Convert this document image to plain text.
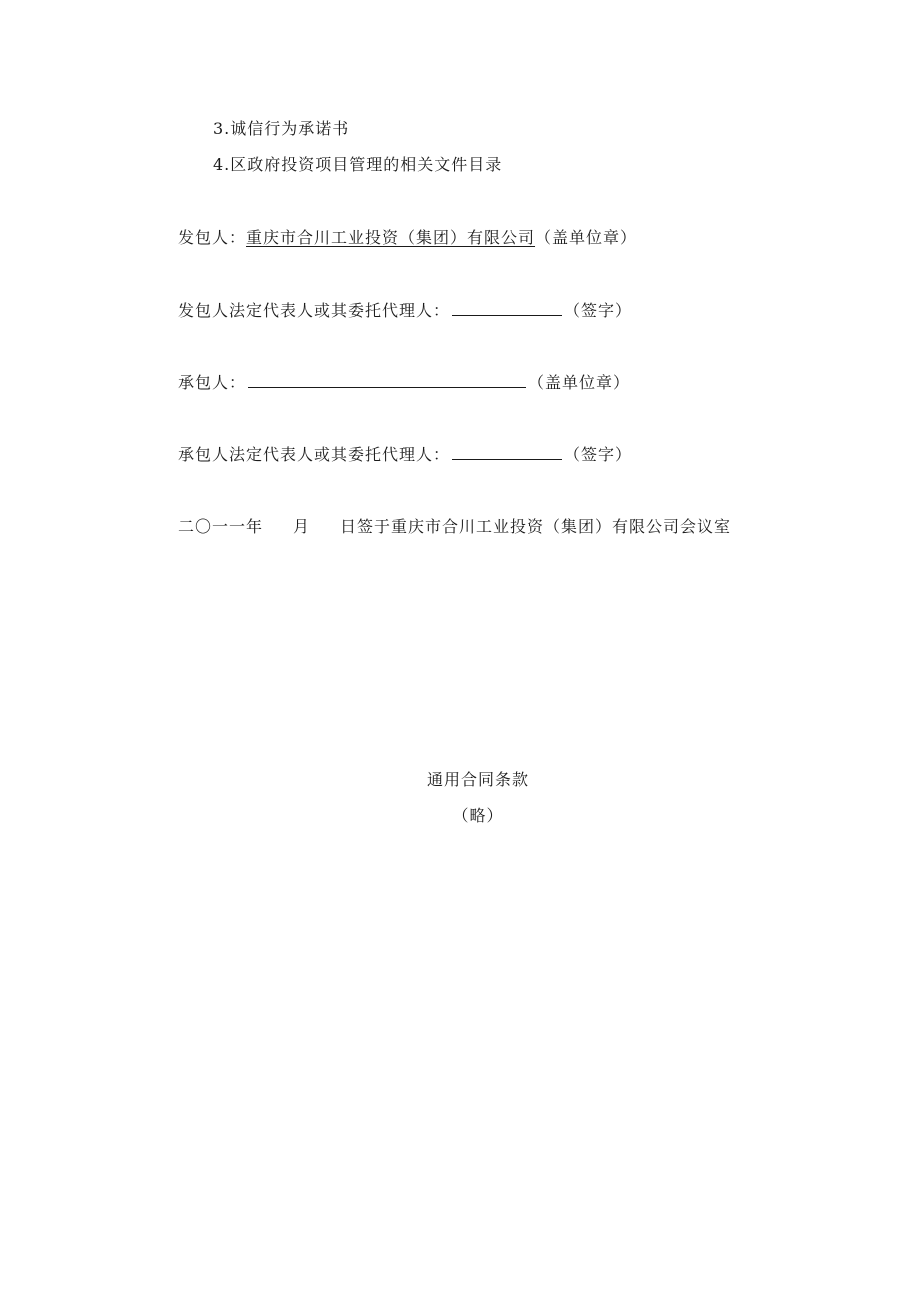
3.诚信行为承诺书
4.区政府投资项目管理的相关文件目录
发包人：重庆市合川工业投资（集团）有限公司（盖单位章）
发包人法定代表人或其委托代理人：	（签字）
承包人：	（盖单位章）
承包人法定代表人或其委托代理人：	（签字）
二〇一一年 月 日签于重庆市合川工业投资（集团）有限公司会议室
通用合同条款
（略）
